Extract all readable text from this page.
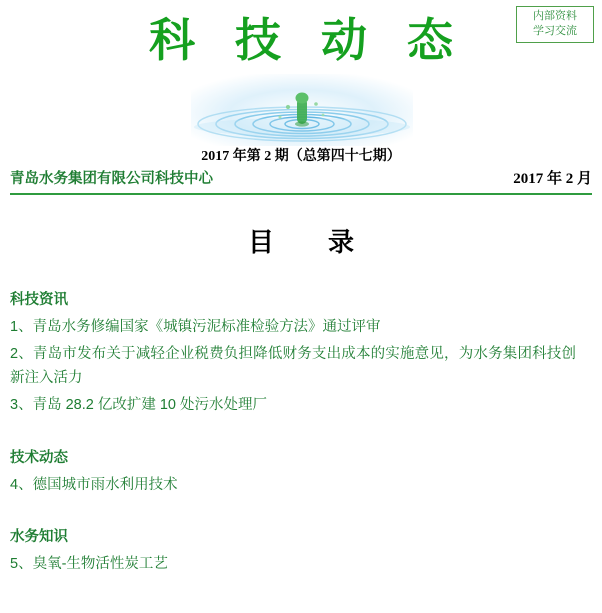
内部资料
学习交流
科 技 动 态
2017 年第 2 期（总第四十七期）
青岛水务集团有限公司科技中心	2017 年 2 月
目　录
科技资讯
1、青岛水务修编国家《城镇污泥标准检验方法》通过评审
2、青岛市发布关于减轻企业税费负担降低财务支出成本的实施意见，为水务集团科技创新注入活力
3、青岛 28.2 亿改扩建 10 处污水处理厂
技术动态
4、德国城市雨水利用技术
水务知识
5、臭氧-生物活性炭工艺
